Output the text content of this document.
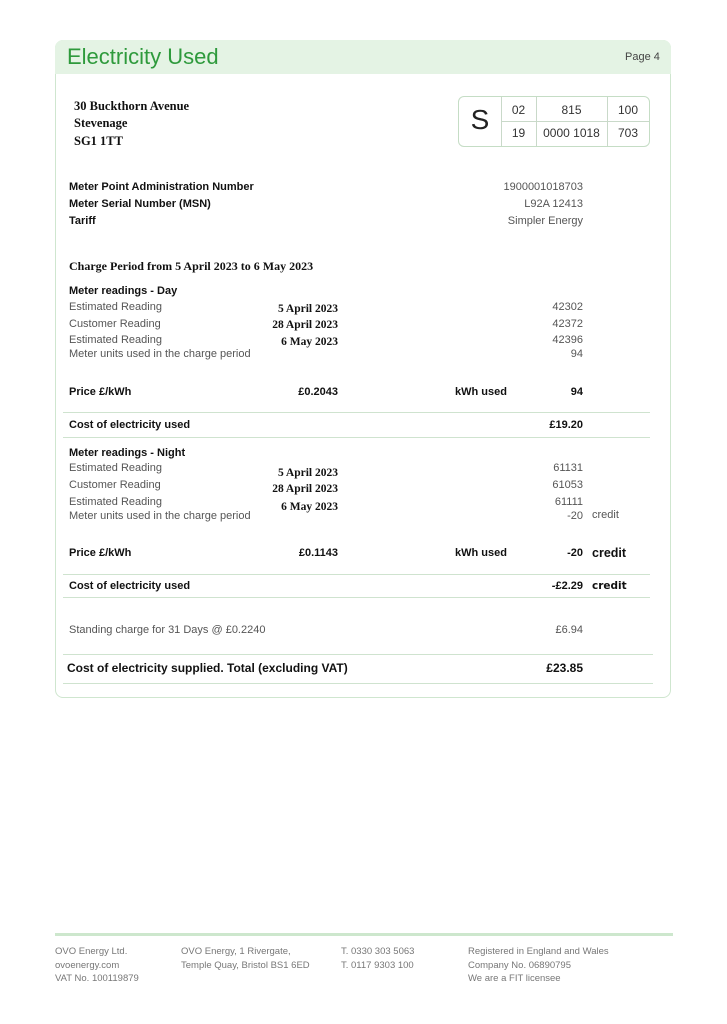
Electricity Used	Page 4
30 Buckthorn Avenue
Stevenage
SG1 1TT
S	02	815	100
19	0000 1018	703
Meter Point Administration Number	1900001018703
Meter Serial Number (MSN)	L92A 12413
Tariff	Simpler Energy
Charge Period from 5 April 2023 to 6 May 2023
Meter readings - Day
Estimated Reading	5 April 2023	42302
Customer Reading	28 April 2023	42372
Estimated Reading	6 May 2023	42396
Meter units used in the charge period	94
Price £/kWh	£0.2043	kWh used	94
Cost of electricity used	£19.20
Meter readings - Night
Estimated Reading	5 April 2023	61131
Customer Reading	28 April 2023	61053
Estimated Reading	6 May 2023	61111
Meter units used in the charge period	-20 credit
Price £/kWh	£0.1143	kWh used	-20 credit
Cost of electricity used	-£2.29 credit
Standing charge for 31 Days @ £0.2240	£6.94
Cost of electricity supplied. Total (excluding VAT)	£23.85
OVO Energy Ltd.
ovoenergy.com
VAT No. 100119879
OVO Energy, 1 Rivergate,
Temple Quay, Bristol BS1 6ED
T. 0330 303 5063
T. 0117 9303 100
Registered in England and Wales
Company No. 06890795
We are a FIT licensee
